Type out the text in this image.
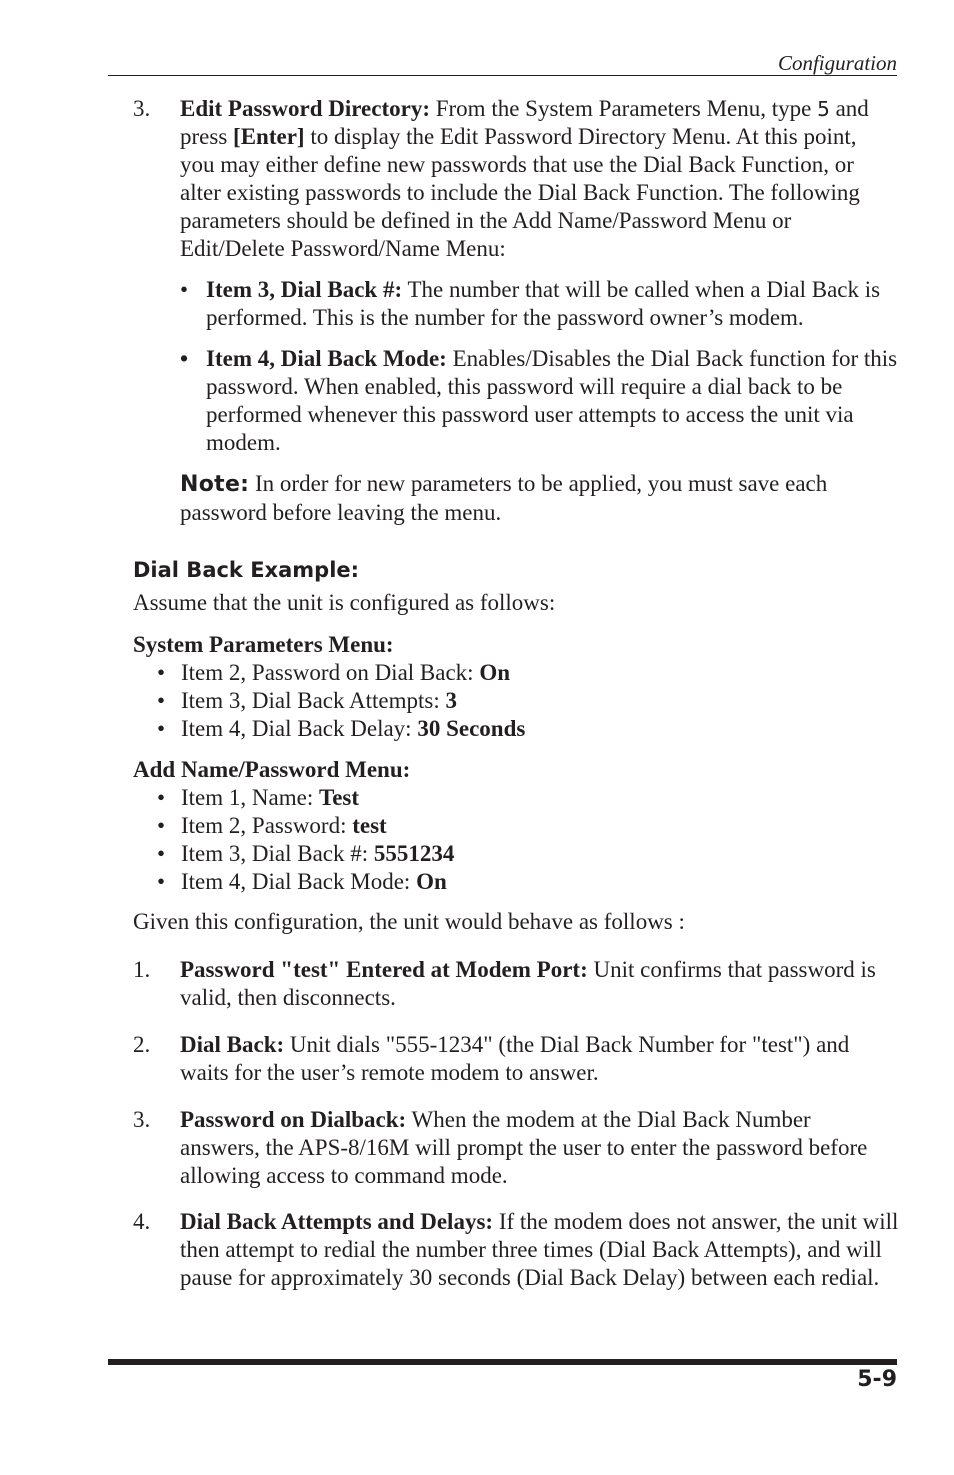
Configuration
3.	Edit Password Directory: From the System Parameters Menu, type 5 and press [Enter] to display the Edit Password Directory Menu. At this point, you may either define new passwords that use the Dial Back Function, or alter existing passwords to include the Dial Back Function. The following parameters should be defined in the Add Name/Password Menu or Edit/Delete Password/Name Menu:
• Item 3, Dial Back #: The number that will be called when a Dial Back is performed. This is the number for the password owner’s modem.
• Item 4, Dial Back Mode: Enables/Disables the Dial Back function for this password. When enabled, this password will require a dial back to be performed whenever this password user attempts to access the unit via modem.
Note: In order for new parameters to be applied, you must save each password before leaving the menu.
Dial Back Example:
Assume that the unit is configured as follows:
System Parameters Menu:
• Item 2, Password on Dial Back: On
• Item 3, Dial Back Attempts: 3
• Item 4, Dial Back Delay: 30 Seconds
Add Name/Password Menu:
• Item 1, Name: Test
• Item 2, Password: test
• Item 3, Dial Back #: 5551234
• Item 4, Dial Back Mode: On
Given this configuration, the unit would behave as follows :
1.	Password "test" Entered at Modem Port: Unit confirms that password is valid, then disconnects.
2.	Dial Back: Unit dials "555-1234" (the Dial Back Number for "test") and waits for the user’s remote modem to answer.
3.	Password on Dialback: When the modem at the Dial Back Number answers, the APS-8/16M will prompt the user to enter the password before allowing access to command mode.
4.	Dial Back Attempts and Delays: If the modem does not answer, the unit will then attempt to redial the number three times (Dial Back Attempts), and will pause for approximately 30 seconds (Dial Back Delay) between each redial.
5-9
